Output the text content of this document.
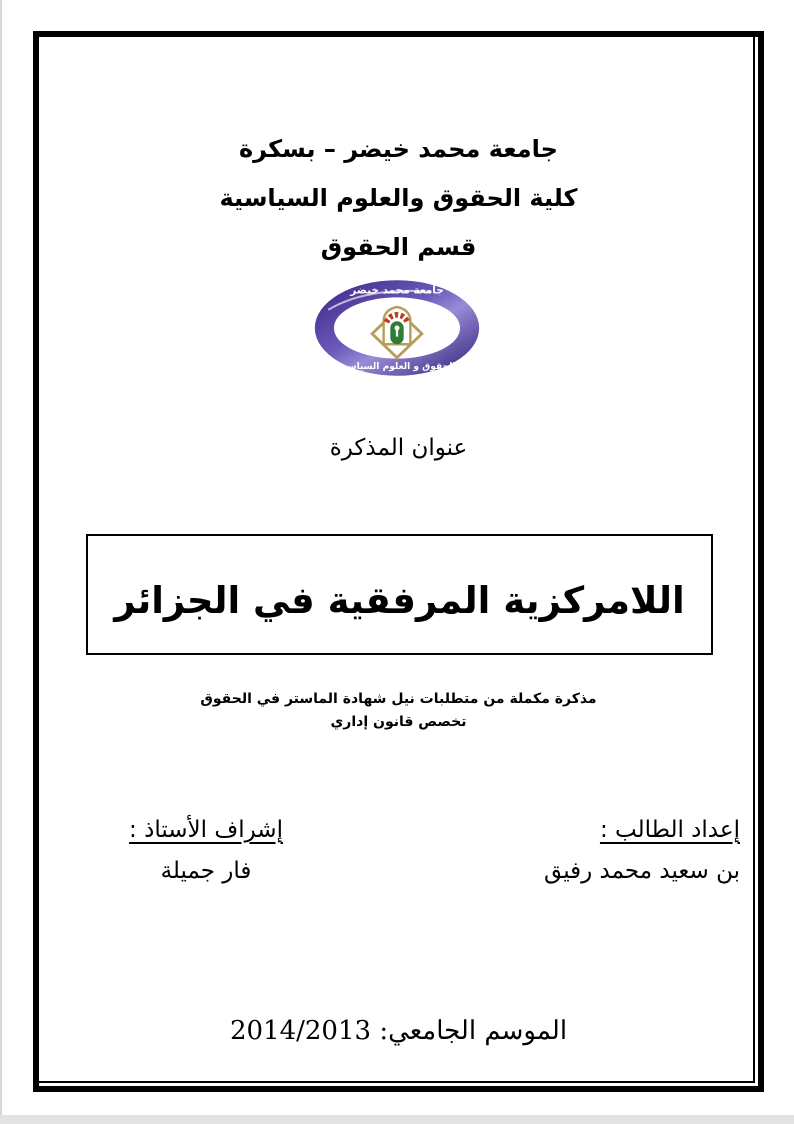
جامعة محمد خيضر – بسكرة
كلية الحقوق والعلوم السياسية
قسم الحقوق
جامعة محمد خيضر
الحقوق و العلوم السياسية
عنوان المذكرة
اللامركزية المرفقية في الجزائر
مذكرة مكملة من متطلبات نيل شهادة الماستر في الحقوق
تخصص قانون إداري
إعداد الطالب :
بن سعيد محمد رفيق
إشراف الأستاذ :
فار جميلة
الموسم الجامعي: 2014/2013
